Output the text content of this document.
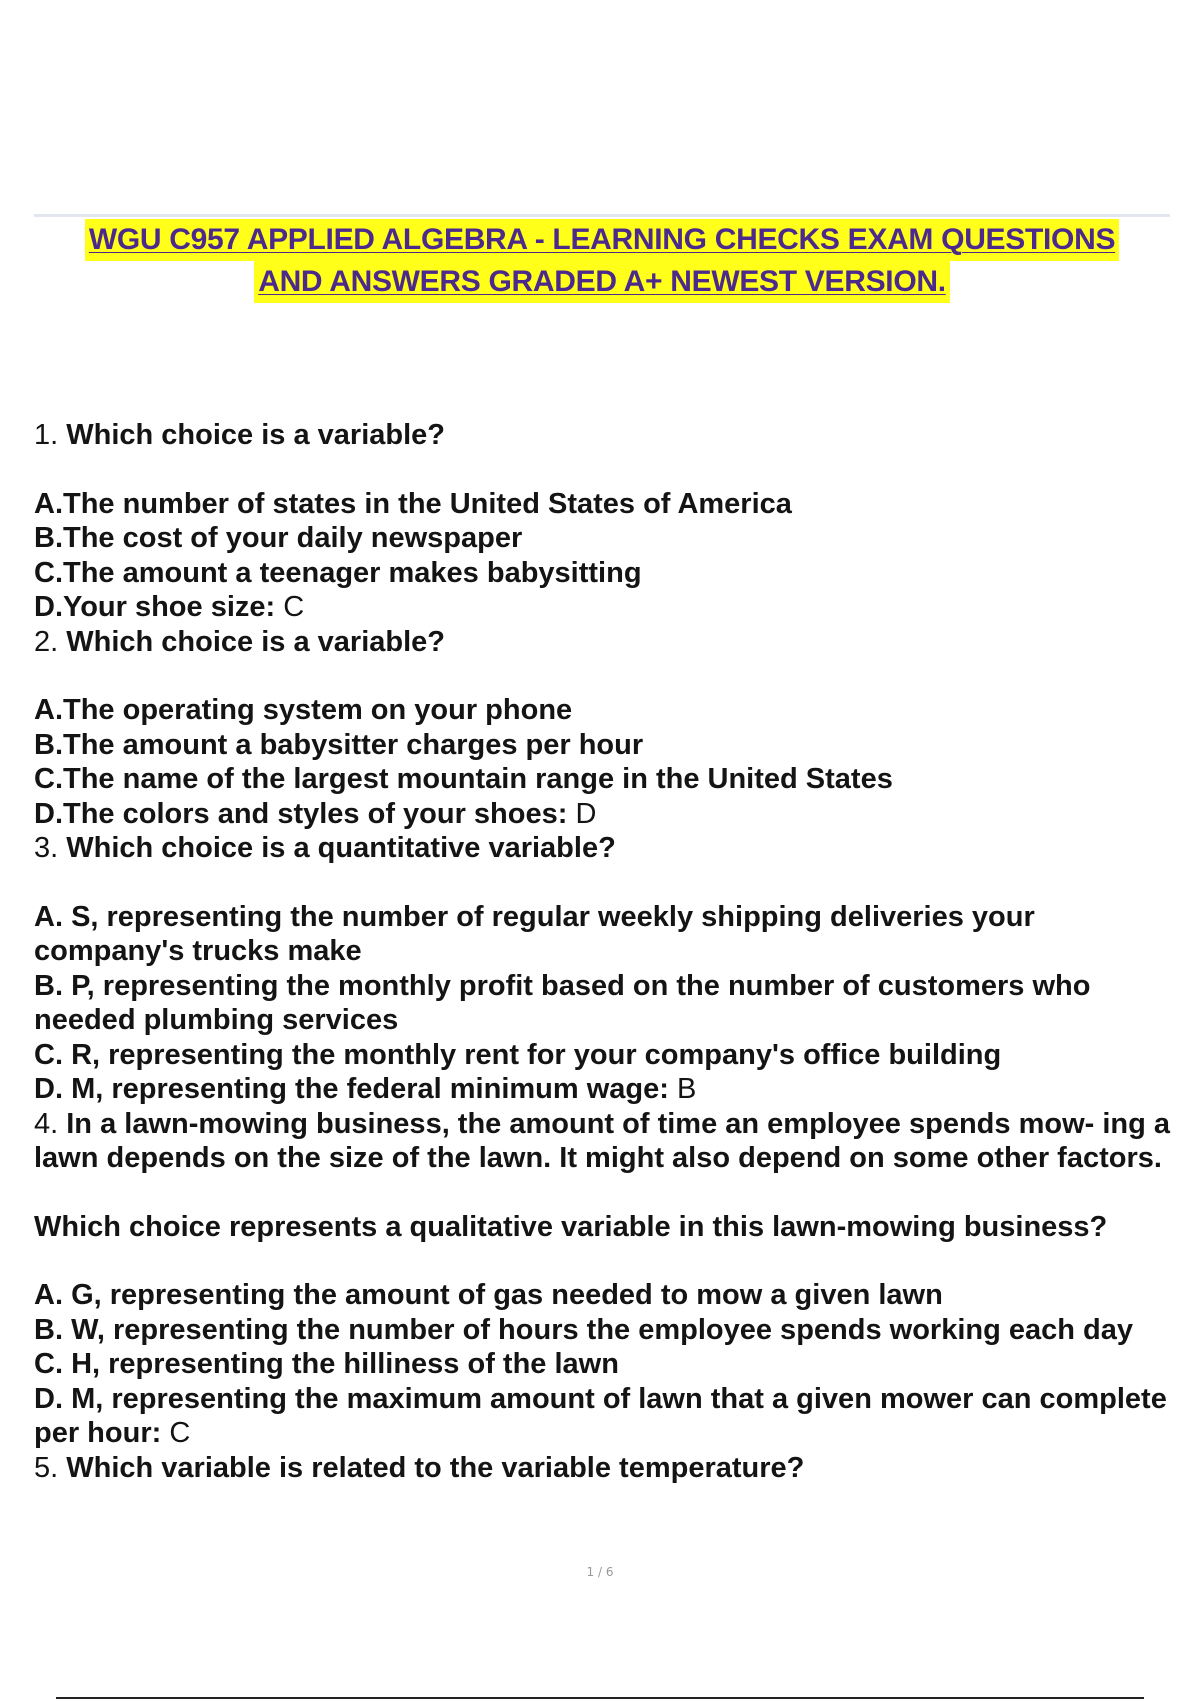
WGU C957 APPLIED ALGEBRA - LEARNING CHECKS EXAM QUESTIONS
AND ANSWERS GRADED A+ NEWEST VERSION.
1. Which choice is a variable?
A.The number of states in the United States of America
B.The cost of your daily newspaper
C.The amount a teenager makes babysitting
D.Your shoe size: C
2. Which choice is a variable?
A.The operating system on your phone
B.The amount a babysitter charges per hour
C.The name of the largest mountain range in the United States
D.The colors and styles of your shoes: D
3. Which choice is a quantitative variable?
A. S, representing the number of regular weekly shipping deliveries your company's trucks make
B. P, representing the monthly profit based on the number of customers who needed plumbing services
C. R, representing the monthly rent for your company's office building
D. M, representing the federal minimum wage: B
4. In a lawn-mowing business, the amount of time an employee spends mow- ing a lawn depends on the size of the lawn. It might also depend on some other factors.
Which choice represents a qualitative variable in this lawn-mowing business?
A. G, representing the amount of gas needed to mow a given lawn
B. W, representing the number of hours the employee spends working each day
C. H, representing the hilliness of the lawn
D. M, representing the maximum amount of lawn that a given mower can complete per hour: C
5. Which variable is related to the variable temperature?
1 / 6
